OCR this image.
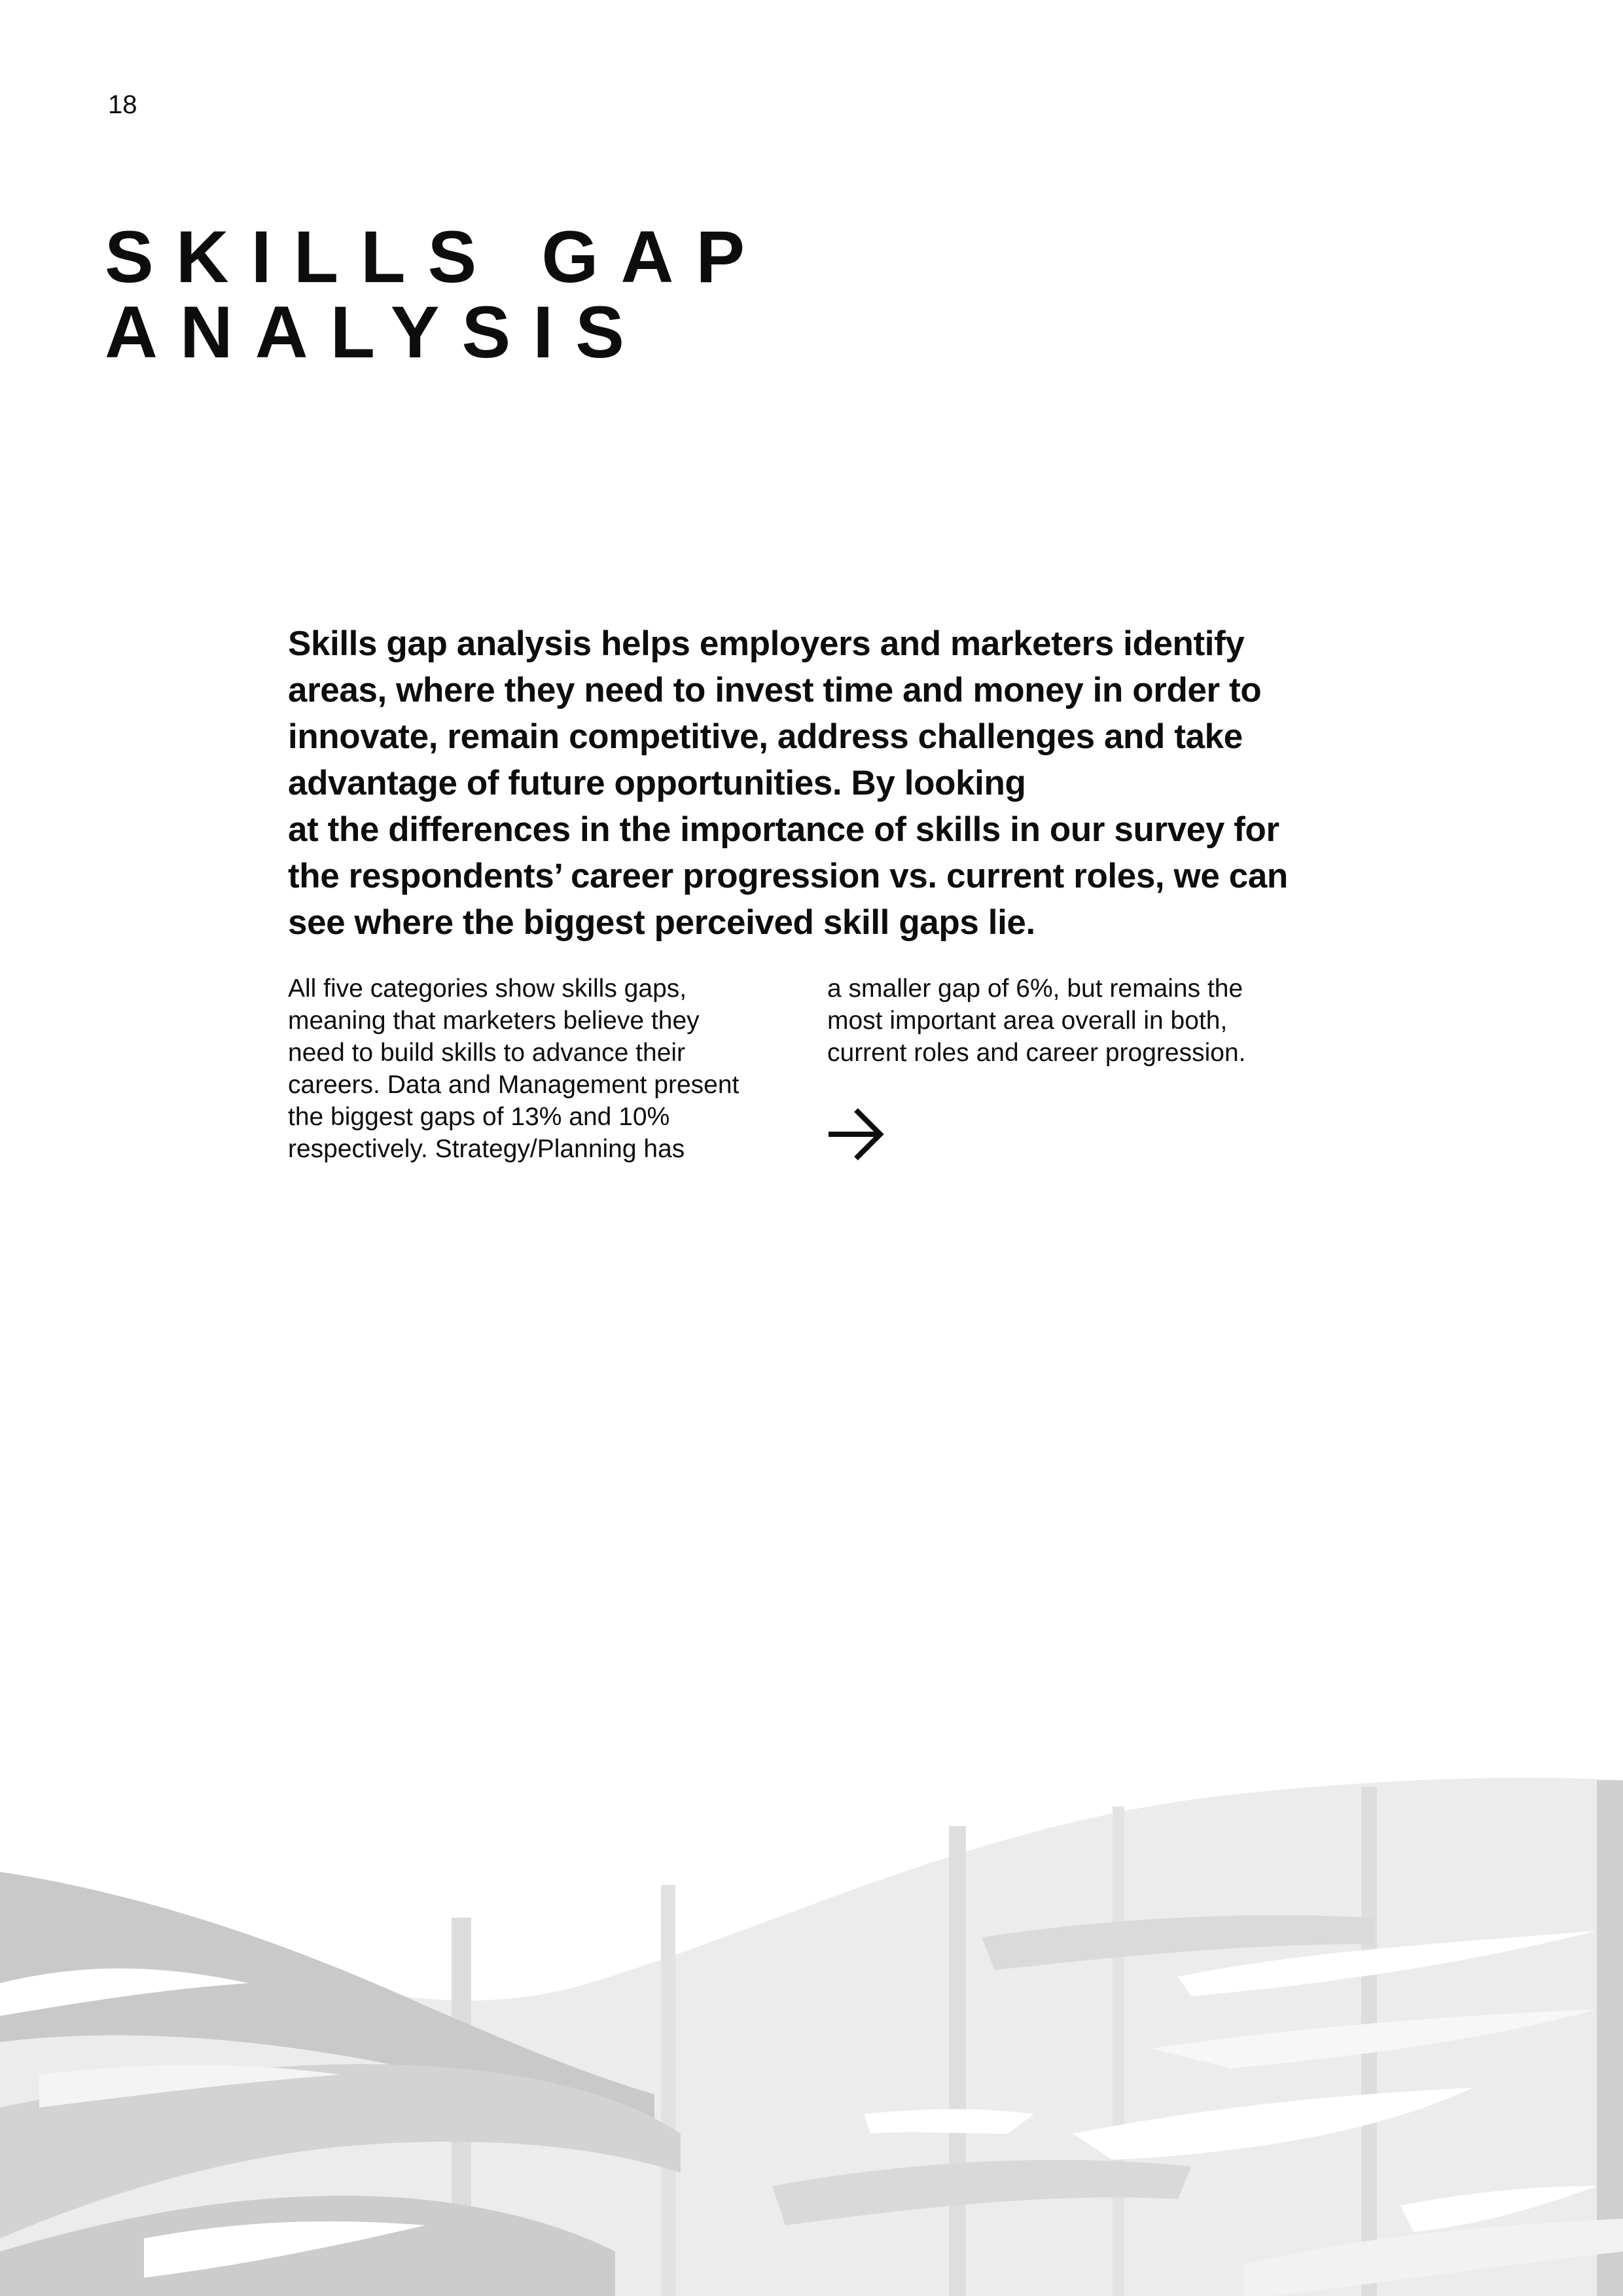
18
SKILLS GAP
ANALYSIS

Skills gap analysis helps employers and marketers identify
areas, where they need to invest time and money in order to
innovate, remain competitive, address challenges and take
advantage of future opportunities. By looking
at the differences in the importance of skills in our survey for
the respondents’ career progression vs. current roles, we can
see where the biggest perceived skill gaps lie.

All five categories show skills gaps,
meaning that marketers believe they
need to build skills to advance their
careers. Data and Management present
the biggest gaps of 13% and 10%
respectively. Strategy/Planning has

a smaller gap of 6%, but remains the
most important area overall in both,
current roles and career progression.
